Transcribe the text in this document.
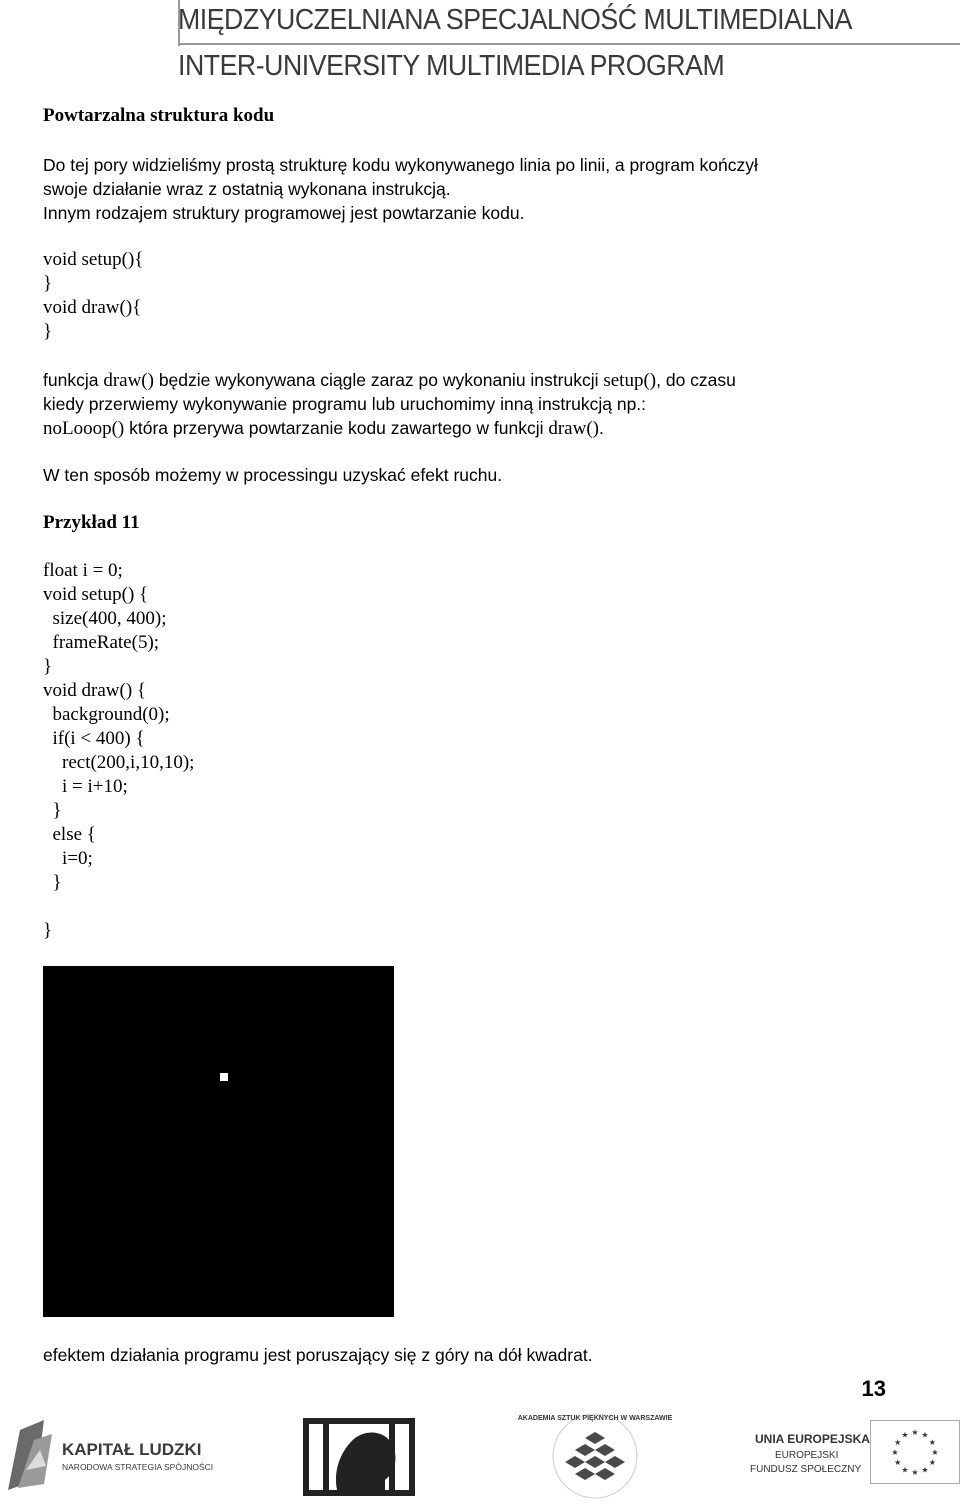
MIĘDZYUCZELNIANA SPECJALNOŚĆ MULTIMEDIALNA
INTER-UNIVERSITY MULTIMEDIA PROGRAM
Powtarzalna struktura kodu
Do tej pory widzieliśmy prostą strukturę kodu wykonywanego linia po linii, a program kończył
swoje działanie wraz z ostatnią wykonana instrukcją.
Innym rodzajem struktury programowej jest powtarzanie kodu.
void setup(){
}
void draw(){
}
funkcja draw() będzie wykonywana ciągle zaraz po wykonaniu instrukcji setup(), do czasu
kiedy przerwiemy wykonywanie programu lub uruchomimy inną instrukcją np.:
noLooop() która przerywa powtarzanie kodu zawartego w funkcji draw().
W ten sposób możemy w processingu uzyskać efekt ruchu.
Przykład 11
float i = 0;
void setup() {
size(400, 400);
frameRate(5);
}
void draw() {
background(0);
if(i < 400) {
rect(200,i,10,10);
i = i+10;
}
else {
i=0;
}
}
efektem działania programu jest poruszający się z góry na dół kwadrat.
13
KAPITAŁ LUDZKI
NARODOWA STRATEGIA SPÓJNOŚCI
AKADEMIA SZTUK PIĘKNYCH W WARSZAWIE
UNIA EUROPEJSKA
EUROPEJSKI
FUNDUSZ SPOŁECZNY
★
★
★
★
★
★
★
★
★ ★ ★
★
